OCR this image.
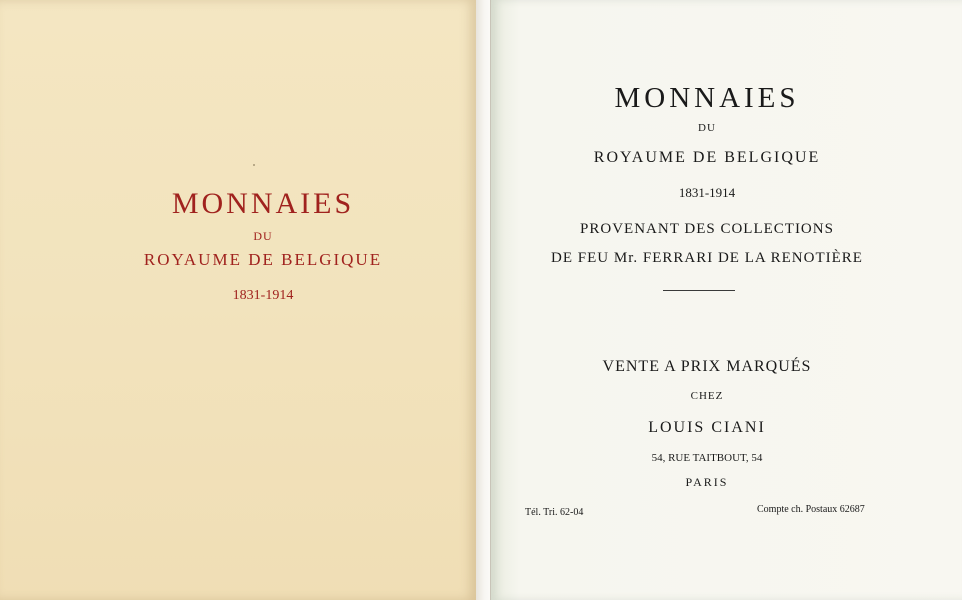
MONNAIES
DU
ROYAUME DE BELGIQUE
1831-1914
MONNAIES
DU
ROYAUME DE BELGIQUE
1831-1914
PROVENANT DES COLLECTIONS
DE FEU Mr. FERRARI DE LA RENOTIÈRE
VENTE A PRIX MARQUÉS
CHEZ
LOUIS CIANI
54, RUE TAITBOUT, 54
PARIS
Tél. Tri. 62-04	Compte ch. Postaux 62687
